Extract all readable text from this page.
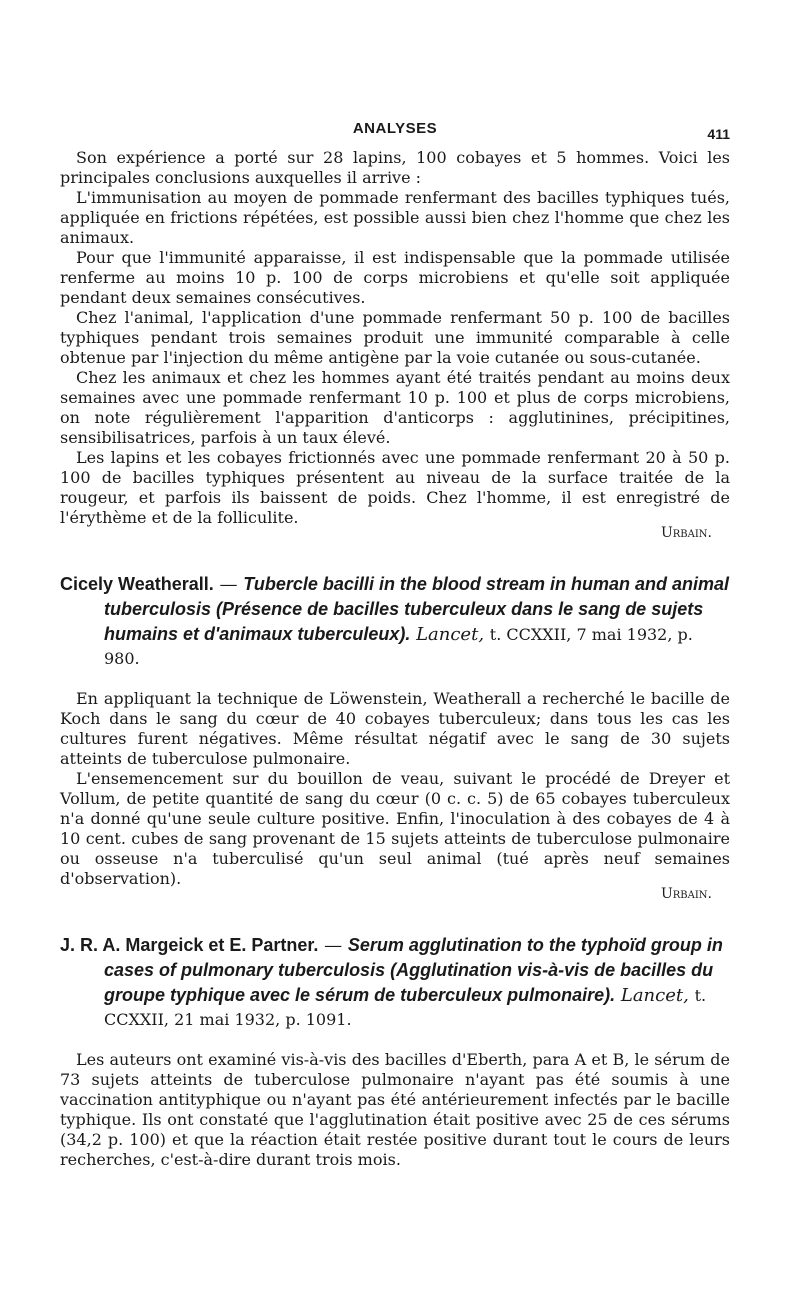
ANALYSES	411

Son expérience a porté sur 28 lapins, 100 cobayes et 5 hommes. Voici les principales conclusions auxquelles il arrive :

L'immunisation au moyen de pommade renfermant des bacilles typhiques tués, appliquée en frictions répétées, est possible aussi bien chez l'homme que chez les animaux.

Pour que l'immunité apparaisse, il est indispensable que la pommade utilisée renferme au moins 10 p. 100 de corps microbiens et qu'elle soit appliquée pendant deux semaines consécutives.

Chez l'animal, l'application d'une pommade renfermant 50 p. 100 de bacilles typhiques pendant trois semaines produit une immunité comparable à celle obtenue par l'injection du même antigène par la voie cutanée ou sous-cutanée.

Chez les animaux et chez les hommes ayant été traités pendant au moins deux semaines avec une pommade renfermant 10 p. 100 et plus de corps microbiens, on note régulièrement l'apparition d'anticorps : agglutinines, précipitines, sensibilisatrices, parfois à un taux élevé.

Les lapins et les cobayes frictionnés avec une pommade renfermant 20 à 50 p. 100 de bacilles typhiques présentent au niveau de la surface traitée de la rougeur, et parfois ils baissent de poids. Chez l'homme, il est enregistré de l'érythème et de la folliculite.

Urbain.
Cicely Weatherall. — Tubercle bacilli in the blood stream in human and animal tuberculosis (Présence de bacilles tuberculeux dans le sang de sujets humains et d'animaux tuberculeux). Lancet, t. CCXXII, 7 mai 1932, p. 980.

En appliquant la technique de Löwenstein, Weatherall a recherché le bacille de Koch dans le sang du cœur de 40 cobayes tuberculeux; dans tous les cas les cultures furent négatives. Même résultat négatif avec le sang de 30 sujets atteints de tuberculose pulmonaire.

L'ensemencement sur du bouillon de veau, suivant le procédé de Dreyer et Vollum, de petite quantité de sang du cœur (0 c. c. 5) de 65 cobayes tuberculeux n'a donné qu'une seule culture positive. Enfin, l'inoculation à des cobayes de 4 à 10 cent. cubes de sang provenant de 15 sujets atteints de tuberculose pulmonaire ou osseuse n'a tuberculisé qu'un seul animal (tué après neuf semaines d'observation).

Urbain.
J. R. A. Margeick et E. Partner. — Serum agglutination to the typhoïd group in cases of pulmonary tuberculosis (Agglutination vis-à-vis de bacilles du groupe typhique avec le sérum de tuberculeux pulmonaire). Lancet, t. CCXXII, 21 mai 1932, p. 1091.

Les auteurs ont examiné vis-à-vis des bacilles d'Eberth, para A et B, le sérum de 73 sujets atteints de tuberculose pulmonaire n'ayant pas été soumis à une vaccination antityphique ou n'ayant pas été antérieurement infectés par le bacille typhique. Ils ont constaté que l'agglutination était positive avec 25 de ces sérums (34,2 p. 100) et que la réaction était restée positive durant tout le cours de leurs recherches, c'est-à-dire durant trois mois.
